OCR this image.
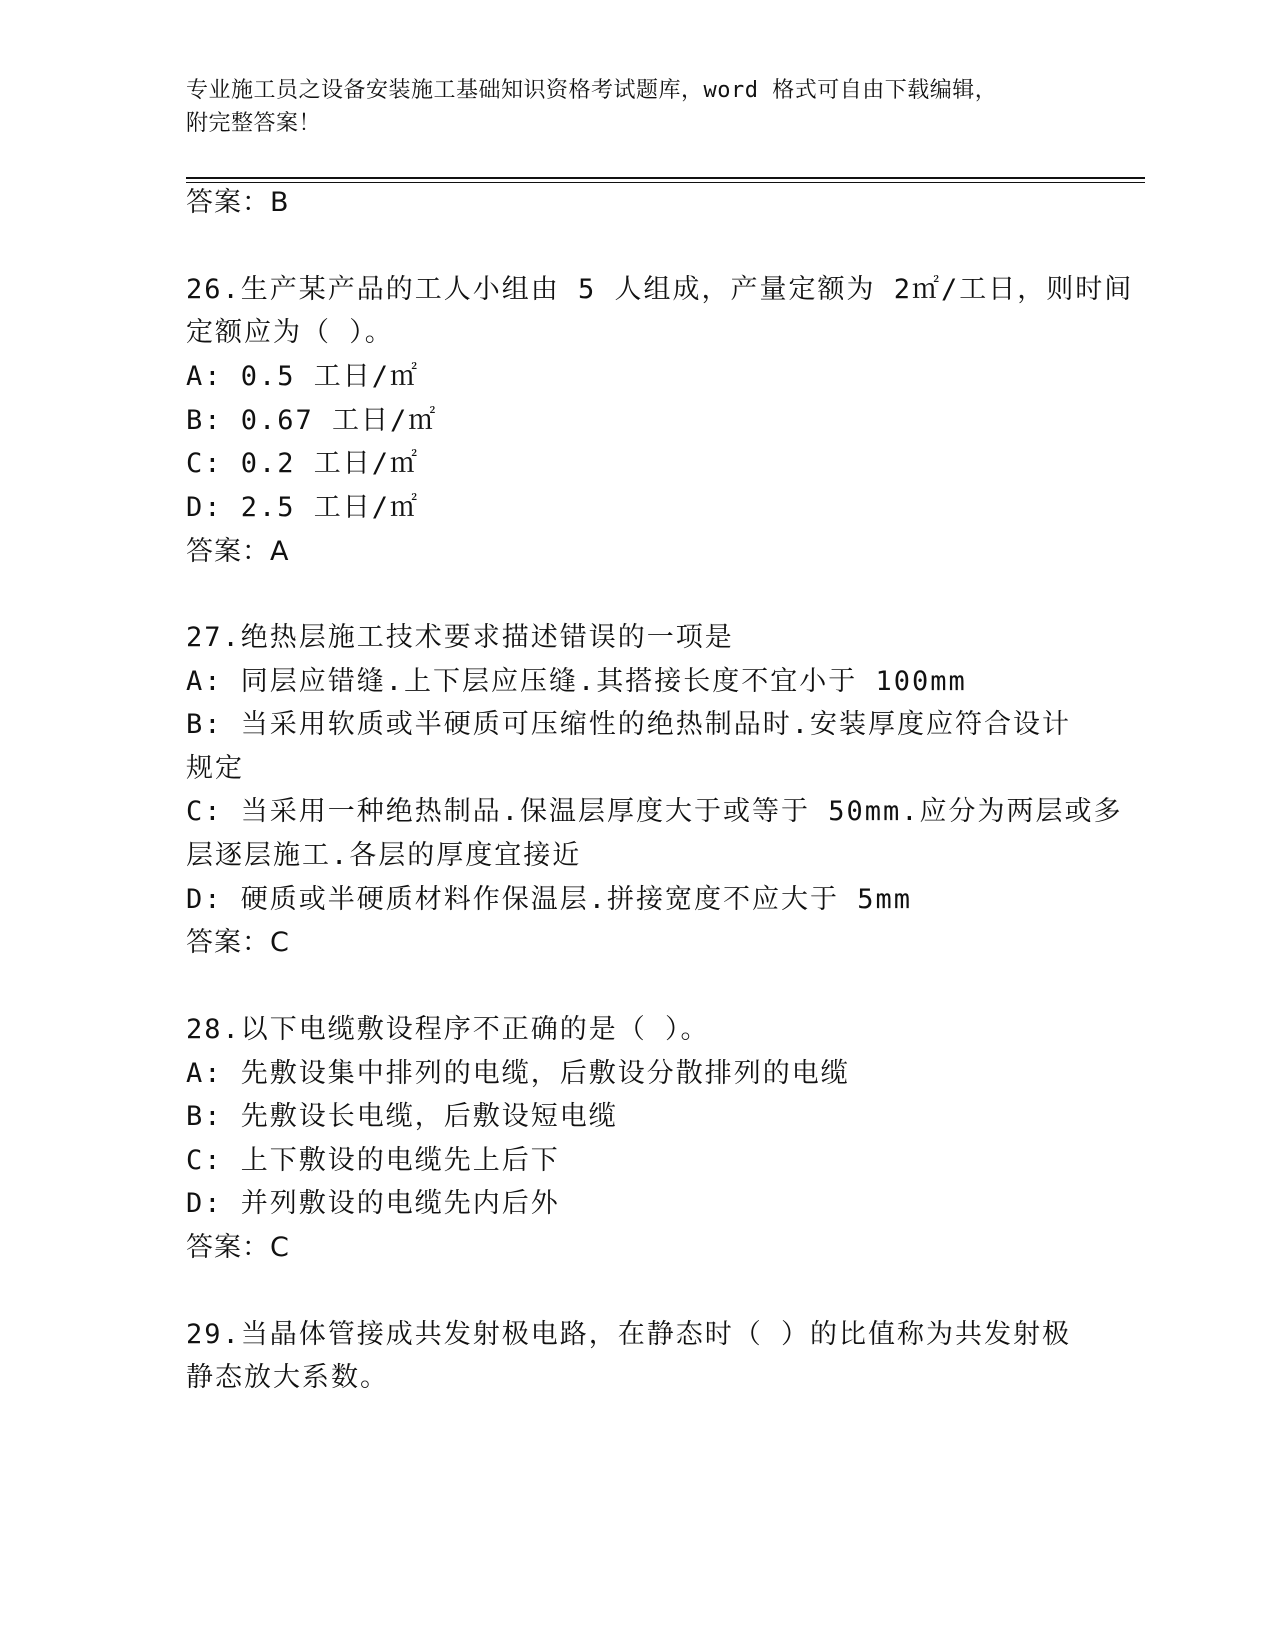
专业施工员之设备安装施工基础知识资格考试题库，word 格式可自由下载编辑，
附完整答案！
答案：B
26.生产某产品的工人小组由 5 人组成，产量定额为 2㎡/工日，则时间
定额应为（ ）。
A: 0.5 工日/㎡
B: 0.67 工日/㎡
C: 0.2 工日/㎡
D: 2.5 工日/㎡
答案：A
27.绝热层施工技术要求描述错误的一项是
A: 同层应错缝.上下层应压缝.其搭接长度不宜小于 100mm
B: 当采用软质或半硬质可压缩性的绝热制品时.安装厚度应符合设计
规定
C: 当采用一种绝热制品.保温层厚度大于或等于 50mm.应分为两层或多
层逐层施工.各层的厚度宜接近
D: 硬质或半硬质材料作保温层.拼接宽度不应大于 5mm
答案：C
28.以下电缆敷设程序不正确的是（ ）。
A: 先敷设集中排列的电缆，后敷设分散排列的电缆
B: 先敷设长电缆，后敷设短电缆
C: 上下敷设的电缆先上后下
D: 并列敷设的电缆先内后外
答案：C
29.当晶体管接成共发射极电路，在静态时（ ）的比值称为共发射极
静态放大系数。
